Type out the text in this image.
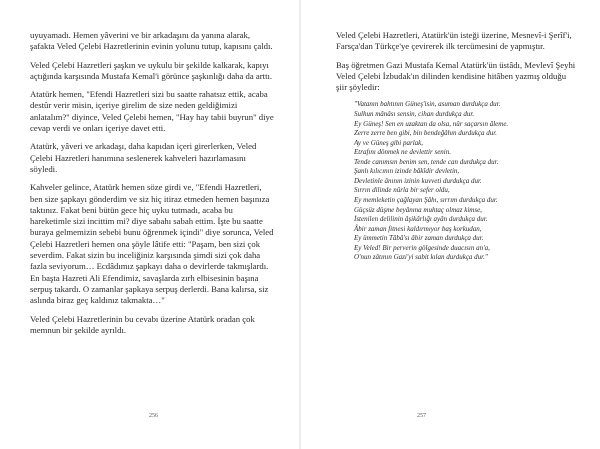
uyuyamadı. Hemen yâverini ve bir arkadaşını da yanına alarak, şafakta Veled Çelebi Hazretlerinin evinin yolunu tutup, kapısını çaldı.

Veled Çelebi Hazretleri şaşkın ve uykulu bir şekilde kalkarak, kapıyı açtığında karşısında Mustafa Kemal'i görünce şaşkınlığı daha da arttı.

Atatürk hemen, "Efendi Hazretleri sizi bu saatte rahatsız ettik, acaba destûr verir misin, içeriye girelim de size neden geldiğimizi anlatalım?" diyince, Veled Çelebi hemen, "Hay hay tabii buyrun" diye cevap verdi ve onları içeriye davet etti.

Atatürk, yâveri ve arkadaşı, daha kapıdan içeri girerlerken, Veled Çelebi Hazretleri hanımına seslenerek kahveleri hazırlamasını söyledi.

Kahveler gelince, Atatürk hemen söze girdi ve, "Efendi Hazretleri, ben size şapkayı gönderdim ve siz hiç itiraz etmeden hemen başınıza taktınız. Fakat beni bütün gece hiç uyku tutmadı, acaba bu hareketimle sizi incittim mi? diye sabahı sabah ettim. İşte bu saatte buraya gelmemizin sebebi bunu öğrenmek içindi" diye sorunca, Veled Çelebi Hazretleri hemen ona şöyle lâtife etti: "Paşam, ben sizi çok severdim. Fakat sizin bu inceliğiniz karşısında şimdi sizi çok daha fazla seviyorum… Ecdâdımız şapkayı daha o devirlerde takmışlardı. En başta Hazreti Ali Efendimiz, savaşlarda zırh elbisesinin başına serpuş takardı. O zamanlar şapkaya serpuş derlerdi. Bana kalırsa, siz aslında biraz geç kaldınız takmakta…"

Veled Çelebi Hazretlerinin bu cevabı üzerine Atatürk oradan çok memnun bir şekilde ayrıldı.

256

Veled Çelebi Hazretleri, Atatürk'ün isteği üzerine, Mesnevî-i Şerîf'i, Farsça'dan Türkçe'ye çevirerek ilk tercümesini de yapmıştır.

Baş öğretmen Gazi Mustafa Kemal Atatürk'ün üstâdı, Mevlevî Şeyhi Veled Çelebi İzbudak'ın dilinden kendisine hitâben yazmış olduğu şiir şöyledir:

"Vatanın bahtının Güneş'isin, asuman durdukça dur.
Sulhun mânâsı sensin, cihan durdukça dur.
Ey Güneş! Sen en uzaktan da olsa, nûr saçarsın âleme.
Zerre zerre ben gibi, bin bendeğâhın durdukça dur.
Ay ve Güneş gibi parlak,
Etrafını dönmek ne devlettir senin.
Tende canımsın benim sen, tende can durdukça dur.
Şanlı kılıcının izinde bâkîdir devletin,
Devletinle ânının izinin kuvveti durdukça dur.
Sırrın dilinde nûrla bir sefer oldu,
Ey memleketin çağlayan Şâhı, sırrım durdukça dur.
Güçsüz düşme beyânına muhtaç olmaz kimse,
İstenilen delilinin âşikârlığı ayân durdukça dur.
Âbir zaman fitnesi kaldırmıyor baş korkudan,
Ey ümmetin Tâbâ'sı âbir zaman durdukça dur.
Ey Veled! Bir perverin gölgesinde duacısın an'a,
O'nun zâtının Gazi'yi sabit kılan durdukça dur."
257
